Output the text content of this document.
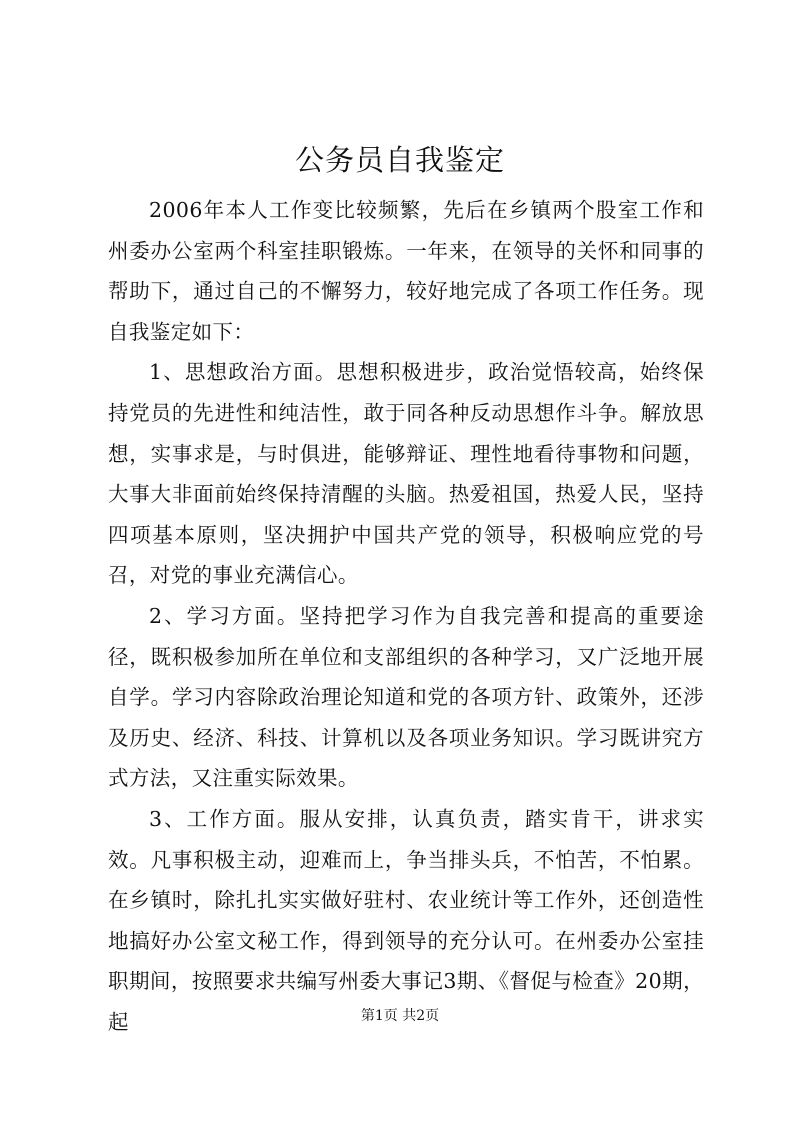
公务员自我鉴定

2006年本人工作变比较频繁，先后在乡镇两个股室工作和州委办公室两个科室挂职锻炼。一年来，在领导的关怀和同事的帮助下，通过自己的不懈努力，较好地完成了各项工作任务。现自我鉴定如下：

1、思想政治方面。思想积极进步，政治觉悟较高，始终保持党员的先进性和纯洁性，敢于同各种反动思想作斗争。解放思想，实事求是，与时俱进，能够辩证、理性地看待事物和问题，大事大非面前始终保持清醒的头脑。热爱祖国，热爱人民，坚持四项基本原则，坚决拥护中国共产党的领导，积极响应党的号召，对党的事业充满信心。

2、学习方面。坚持把学习作为自我完善和提高的重要途径，既积极参加所在单位和支部组织的各种学习，又广泛地开展自学。学习内容除政治理论知道和党的各项方针、政策外，还涉及历史、经济、科技、计算机以及各项业务知识。学习既讲究方式方法，又注重实际效果。

3、工作方面。服从安排，认真负责，踏实肯干，讲求实效。凡事积极主动，迎难而上，争当排头兵，不怕苦，不怕累。在乡镇时，除扎扎实实做好驻村、农业统计等工作外，还创造性地搞好办公室文秘工作，得到领导的充分认可。在州委办公室挂职期间，按照要求共编写州委大事记3期、《督促与检查》20期，起	第1页 共2页
